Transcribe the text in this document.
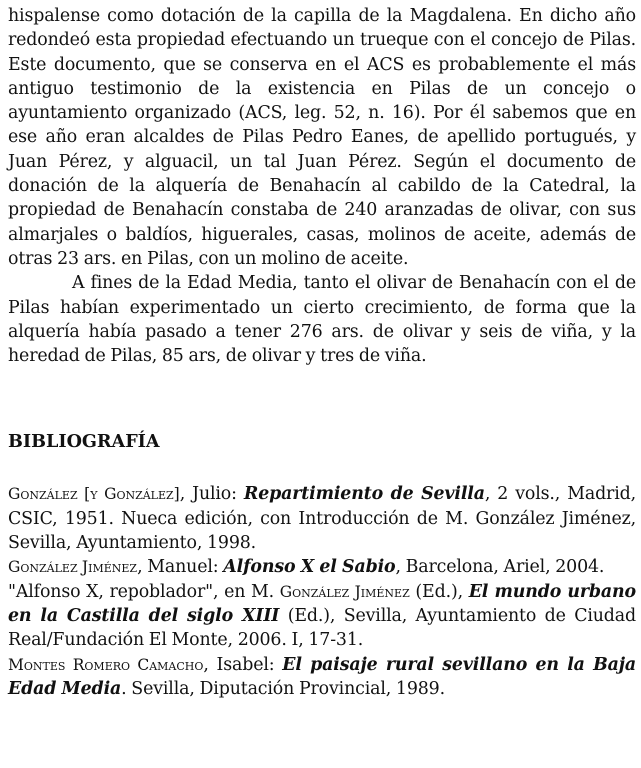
hispalense como dotación de la capilla de la Magdalena. En dicho año redondeó esta propiedad efectuando un trueque con el concejo de Pilas. Este documento, que se conserva en el ACS es probablemente el más antiguo testimonio de la existencia en Pilas de un concejo o ayuntamiento organizado (ACS, leg. 52, n. 16). Por él sabemos que en ese año eran alcaldes de Pilas Pedro Eanes, de apellido portugués, y Juan Pérez, y alguacil, un tal Juan Pérez. Según el documento de donación de la alquería de Benahacín al cabildo de la Catedral, la propiedad de Benahacín constaba de 240 aranzadas de olivar, con sus almarjales o baldíos, higuerales, casas, molinos de aceite, además de otras 23 ars. en Pilas, con un molino de aceite.

A fines de la Edad Media, tanto el olivar de Benahacín con el de Pilas habían experimentado un cierto crecimiento, de forma que la alquería había pasado a tener 276 ars. de olivar y seis de viña, y la heredad de Pilas, 85 ars, de olivar y tres de viña.

BIBLIOGRAFÍA

González [y González], Julio: Repartimiento de Sevilla, 2 vols., Madrid, CSIC, 1951. Nueca edición, con Introducción de M. González Jiménez, Sevilla, Ayuntamiento, 1998.

González Jiménez, Manuel: Alfonso X el Sabio, Barcelona, Ariel, 2004.

"Alfonso X, repoblador", en M. González Jiménez (Ed.), El mundo urbano en la Castilla del siglo XIII (Ed.), Sevilla, Ayuntamiento de Ciudad Real/Fundación El Monte, 2006. I, 17-31.

Montes Romero Camacho, Isabel: El paisaje rural sevillano en la Baja Edad Media. Sevilla, Diputación Provincial, 1989.
